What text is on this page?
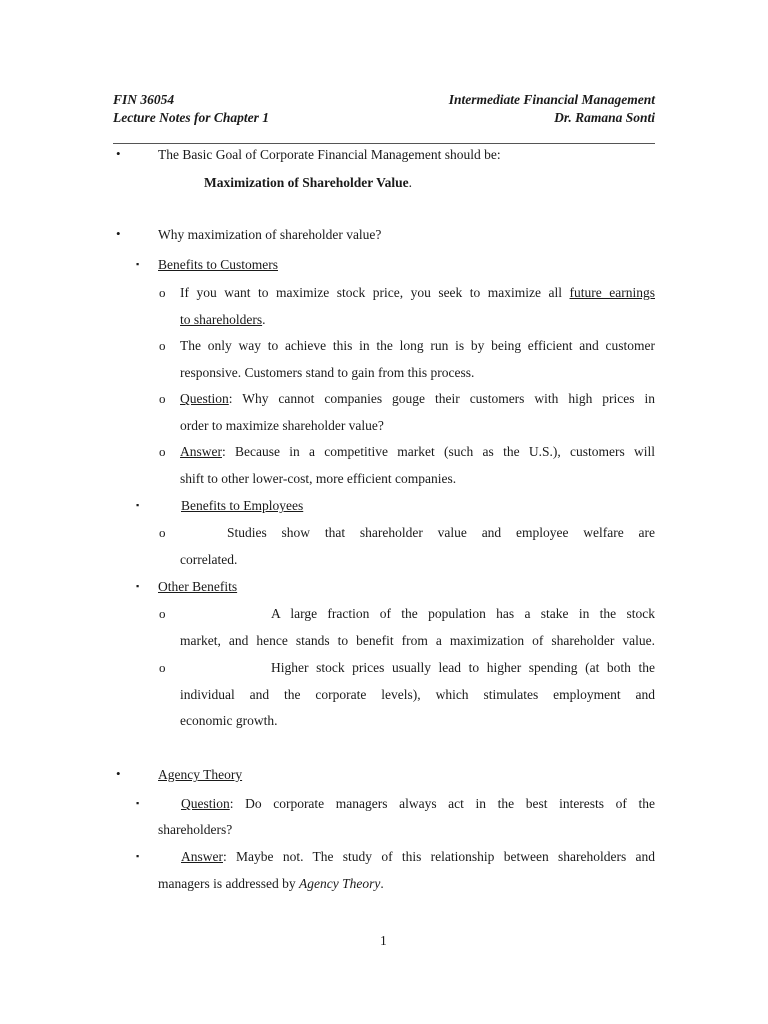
FIN 36054	Intermediate Financial Management
Lecture Notes for Chapter 1	Dr. Ramana Sonti
•	The Basic Goal of Corporate Financial Management should be:
Maximization of Shareholder Value.
•	Why maximization of shareholder value?
▪ Benefits to Customers
o If you want to maximize stock price, you seek to maximize all future earnings
to shareholders.
o The only way to achieve this in the long run is by being efficient and customer
responsive. Customers stand to gain from this process.
o Question: Why cannot companies gouge their customers with high prices in
order to maximize shareholder value?
o Answer: Because in a competitive market (such as the U.S.), customers will
shift to other lower-cost, more efficient companies.
▪	Benefits to Employees
o	Studies show that shareholder value and employee welfare are
correlated.
▪ Other Benefits
o	A large fraction of the population has a stake in the stock
market, and hence stands to benefit from a maximization of shareholder value.
o	Higher stock prices usually lead to higher spending (at both the
individual and the corporate levels), which stimulates employment and
economic growth.
•	Agency Theory
▪	Question: Do corporate managers always act in the best interests of the
shareholders?
▪	Answer: Maybe not. The study of this relationship between shareholders and
managers is addressed by Agency Theory.
1
